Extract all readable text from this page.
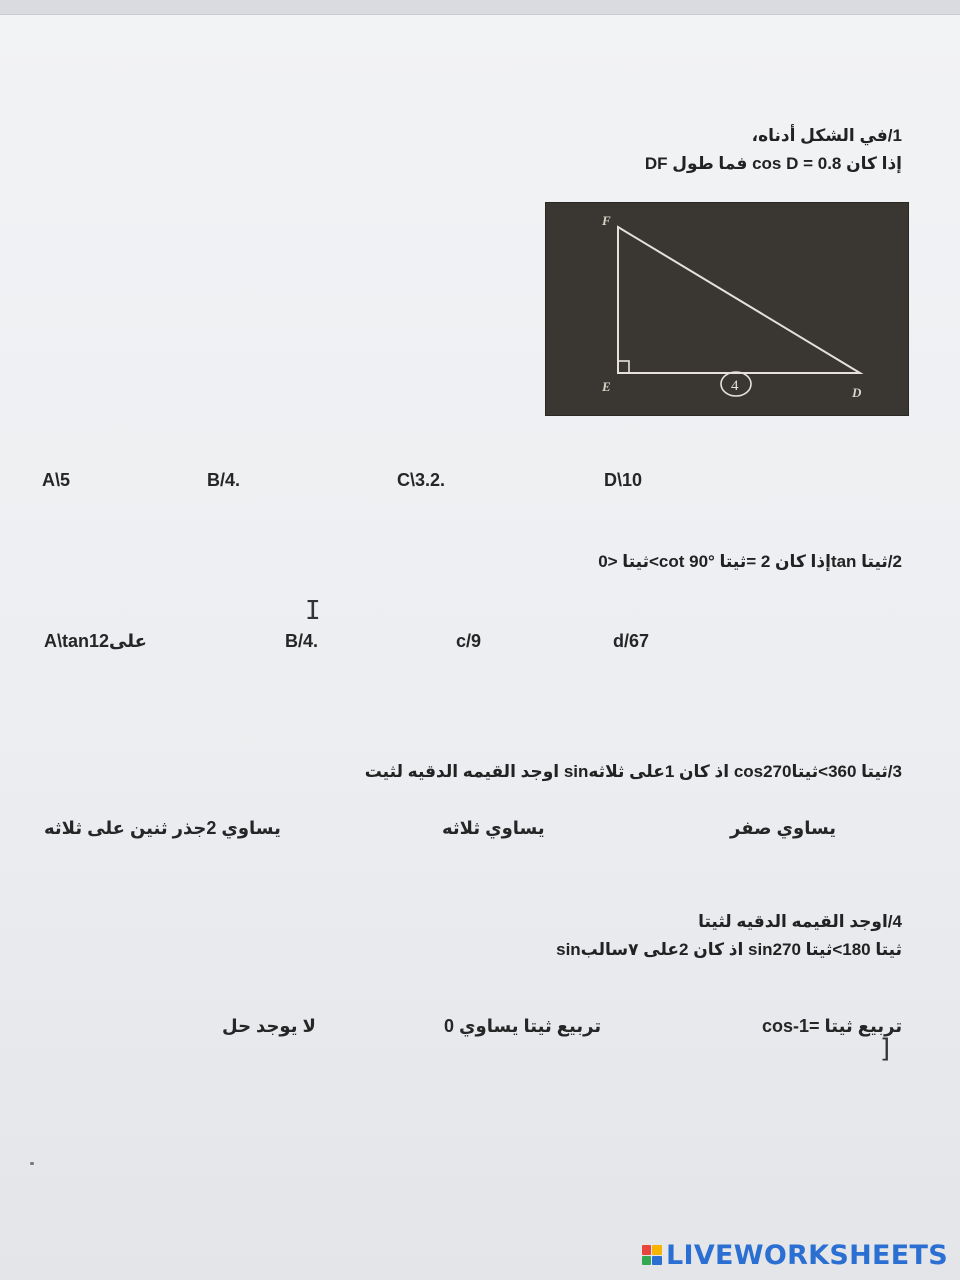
1/في الشكل أدناه،
إذا كان cos D = 0.8 فما طول DF
F
E	D
4
A\5	B/4.	C\3.2.	D\10
2/ثيتا tanإذا كان 2 =ثيتا cot 90°>ثيتا <0
I
A\tan1على2	B/4.	c/9	d/67
3/ثيتا 360>ثيتاcos270 اذ كان 1على ثلاثهsin اوجد القيمه الدقيه لثيت
يساوي 2جذر ثنين على ثلاثه	يساوي ثلاثه	يساوي صفر
4/اوجد القيمه الدقيه لثيتا
sinاذ كان 2على ٧سالب sinثيتا 180>ثيتا 270
لا يوجد حل	تربيع ثيتا يساوي 0	cos-1= تربيع ثيتا
]
LIVEWORKSHEETS
